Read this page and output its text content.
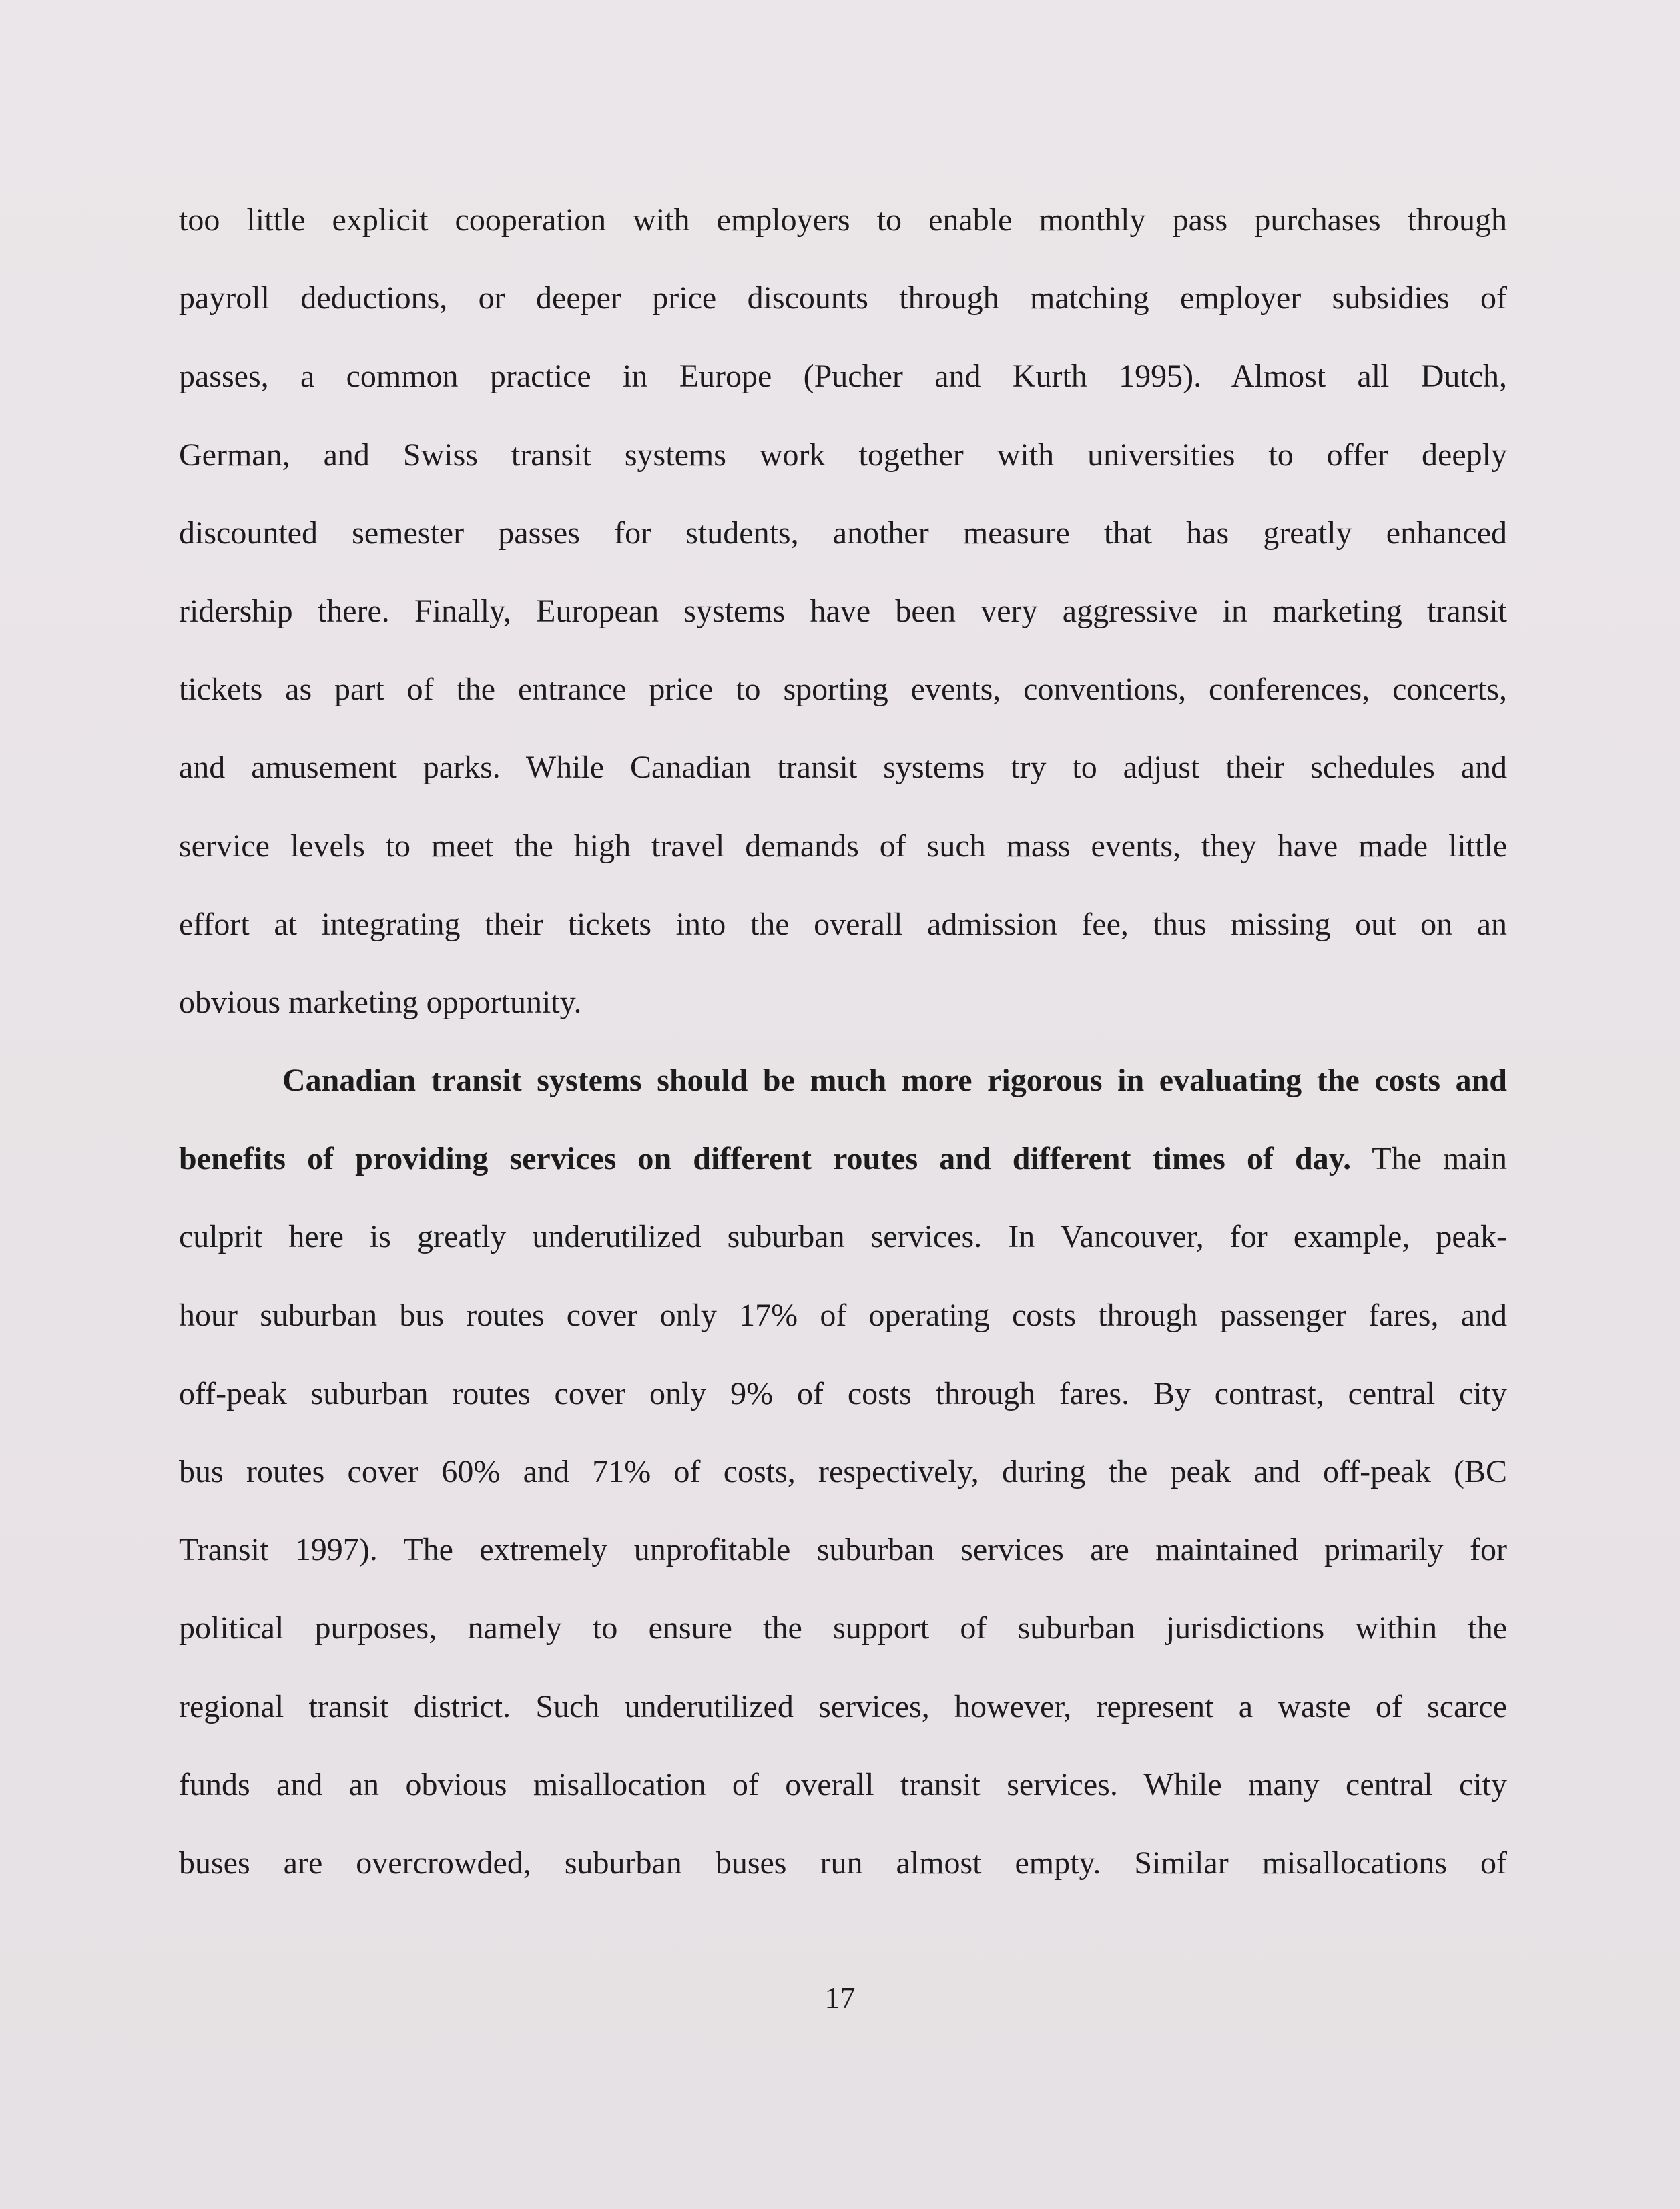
too little explicit cooperation with employers to enable monthly pass purchases through
payroll deductions, or deeper price discounts through matching employer subsidies of
passes, a common practice in Europe (Pucher and Kurth 1995). Almost all Dutch,
German, and Swiss transit systems work together with universities to offer deeply
discounted semester passes for students, another measure that has greatly enhanced
ridership there. Finally, European systems have been very aggressive in marketing transit
tickets as part of the entrance price to sporting events, conventions, conferences, concerts,
and amusement parks. While Canadian transit systems try to adjust their schedules and
service levels to meet the high travel demands of such mass events, they have made little
effort at integrating their tickets into the overall admission fee, thus missing out on an
obvious marketing opportunity.
Canadian transit systems should be much more rigorous in evaluating the costs and
benefits of providing services on different routes and different times of day. The main
culprit here is greatly underutilized suburban services. In Vancouver, for example, peak-
hour suburban bus routes cover only 17% of operating costs through passenger fares, and
off-peak suburban routes cover only 9% of costs through fares. By contrast, central city
bus routes cover 60% and 71% of costs, respectively, during the peak and off-peak (BC
Transit 1997). The extremely unprofitable suburban services are maintained primarily for
political purposes, namely to ensure the support of suburban jurisdictions within the
regional transit district. Such underutilized services, however, represent a waste of scarce
funds and an obvious misallocation of overall transit services. While many central city
buses are overcrowded, suburban buses run almost empty. Similar misallocations of
17
